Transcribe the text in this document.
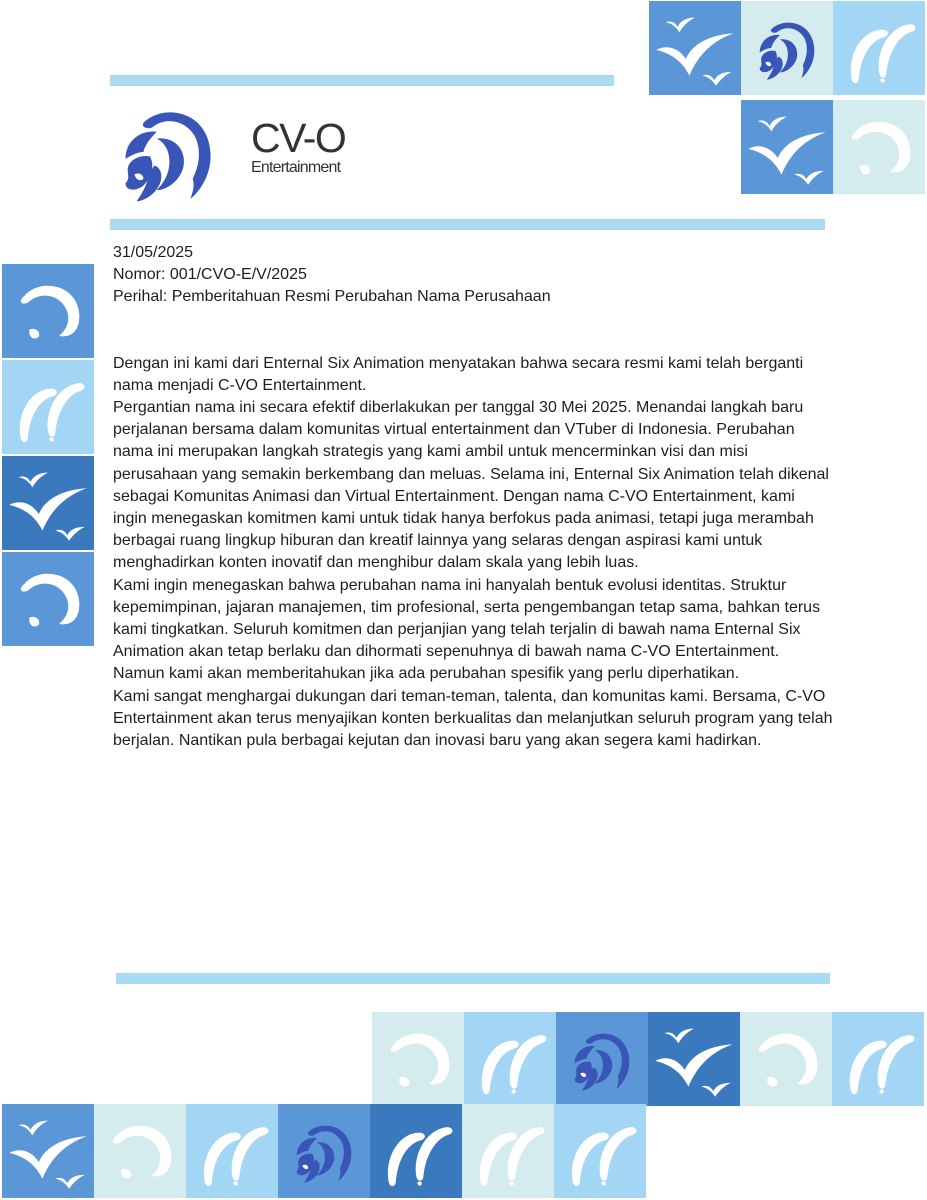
CV-O
Entertainment

31/05/2025

Nomor: 001/CVO-E/V/2025

Perihal: Pemberitahuan Resmi Perubahan Nama Perusahaan

Dengan ini kami dari Enternal Six Animation menyatakan bahwa secara resmi kami telah berganti nama menjadi C-VO Entertainment.

Pergantian nama ini secara efektif diberlakukan per tanggal 30 Mei 2025. Menandai langkah baru perjalanan bersama dalam komunitas virtual entertainment dan VTuber di Indonesia. Perubahan nama ini merupakan langkah strategis yang kami ambil untuk mencerminkan visi dan misi perusahaan yang semakin berkembang dan meluas. Selama ini, Enternal Six Animation telah dikenal sebagai Komunitas Animasi dan Virtual Entertainment. Dengan nama C-VO Entertainment, kami ingin menegaskan komitmen kami untuk tidak hanya berfokus pada animasi, tetapi juga merambah berbagai ruang lingkup hiburan dan kreatif lainnya yang selaras dengan aspirasi kami untuk menghadirkan konten inovatif dan menghibur dalam skala yang lebih luas.

Kami ingin menegaskan bahwa perubahan nama ini hanyalah bentuk evolusi identitas. Struktur kepemimpinan, jajaran manajemen, tim profesional, serta pengembangan tetap sama, bahkan terus kami tingkatkan. Seluruh komitmen dan perjanjian yang telah terjalin di bawah nama Enternal Six Animation akan tetap berlaku dan dihormati sepenuhnya di bawah nama C-VO Entertainment. Namun kami akan memberitahukan jika ada perubahan spesifik yang perlu diperhatikan.

Kami sangat menghargai dukungan dari teman-teman, talenta, dan komunitas kami. Bersama, C-VO Entertainment akan terus menyajikan konten berkualitas dan melanjutkan seluruh program yang telah berjalan. Nantikan pula berbagai kejutan dan inovasi baru yang akan segera kami hadirkan.
